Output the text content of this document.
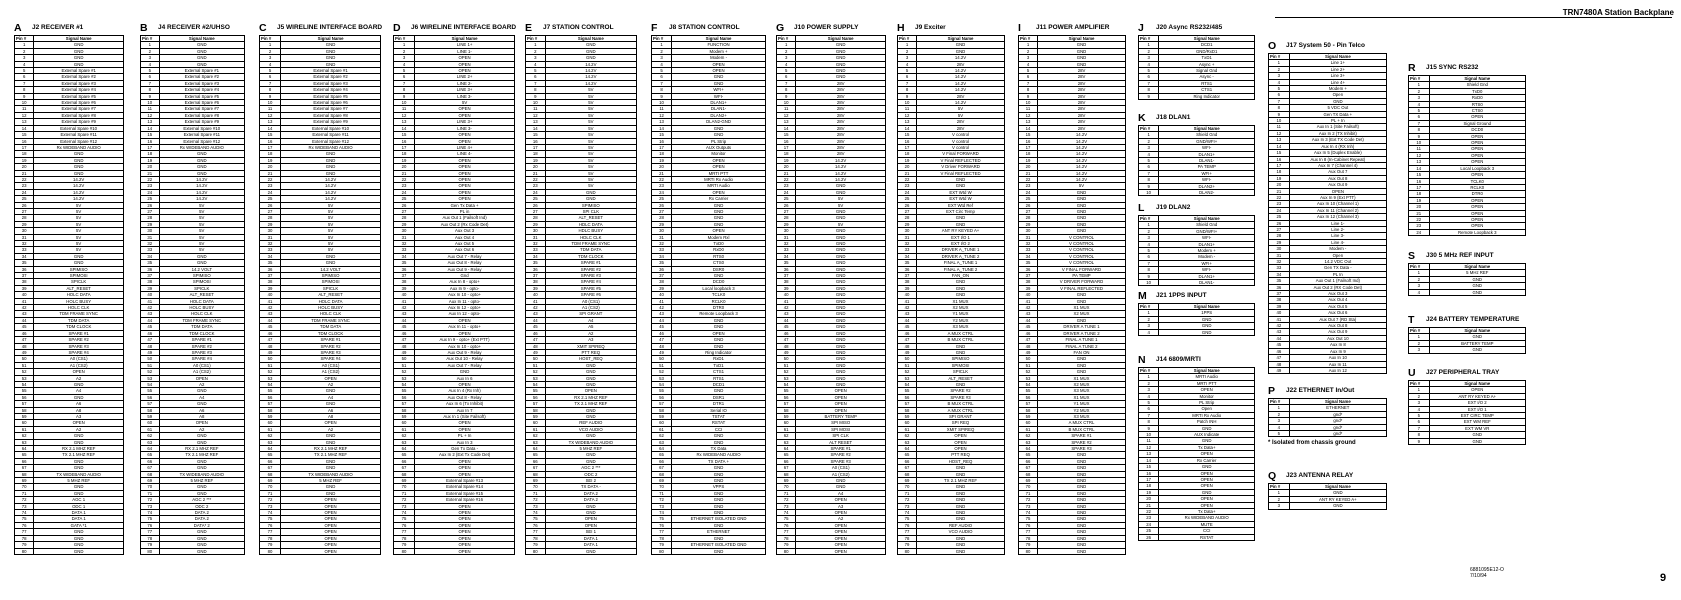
TRN7480A Station Backplane
A J2 RECEIVER #1
Pin #	Signal Name
1	GND
2	GND
3	GND
4	GND
5	External Spare #1
6	External Spare #2
7	External Spare #3
8	External Spare #4
9	External Spare #5
10	External Spare #6
11	External Spare #7
12	External Spare #8
13	External Spare #9
14	External Spare #10
15	External Spare #11
16	External Spare #12
17	Rx WIDEBAND AUDIO
18	GND
19	GND
20	GND
21	GND
22	14.2V
23	14.2V
24	14.2V
25	14.2V
26	5V
27	5V
28	5V
29	5V
30	5V
31	5V
32	5V
33	5V
34	GND
35	GND
36	SPIMISO
37	SPIMOSI
38	SPICLK
39	ALT_RESET
40	HOLC DATA
41	HOLC BUSY
42	HOLC CLK
43	TDM FRAME SYNC
44	TDM DATA
45	TDM CLOCK
46	SPARE #1
47	SPARE #2
48	SPARE #3
49	SPARE #4
50	A0 (CS1)
51	A1 (CS2)
52	OPEN
53	A2
54	GND
55	A4
56	GND
57	A6
58	A8
59	A3
60	OPEN
61	A2
62	GND
63	GND
64	RX 2.1 MHZ REF
65	TX 2.1 MHZ REF
66	GND
67	GND
68	TX WIDEBAND AUDIO
69	5 MHZ REF
70	GND
71	GND
72	AGC 1
73	ODC 1
74	DATA 1
75	DATA 1
76	GATA *1
77	GND
78	GND
79	GND
80	GND
B J4 RECEIVER #2/UHSO
Pin #	Signal Name
1	GND
2	GND
3	GND
4	GND
5	External Spare #1
6	External Spare #2
7	External Spare #3
8	External Spare #4
9	External Spare #5
10	External Spare #6
11	External Spare #7
12	External Spare #8
13	External Spare #9
14	External Spare #10
15	External Spare #11
16	External Spare #12
17	Rx WIDEBAND AUDIO
18	GND
19	GND
20	GND
21	GND
22	14.2V
23	14.2V
24	14.2V
25	14.2V
26	5V
27	5V
28	5V
29	5V
30	5V
31	5V
32	5V
33	5V
34	GND
35	GND
36	14.2 VOLT
37	SPIMISO
38	SPIMOSI
39	SPICLK
40	ALT_RESET
41	HOLC DATA
42	HOLC BUSY
43	HOLC CLK
44	TDM FRAME SYNC
45	TDM DATA
46	TDM CLOCK
47	SPARE #1
48	SPARE #2
49	SPARE #3
50	SPARE #4
51	A0 (CS1)
52	A1 (CS2)
53	OPEN
54	A2
55	GND
56	A4
57	GND
58	A6
59	A8
60	OPEN
61	A2
62	GND
63	GND
64	RX 2.1 MHZ REF
65	TX 2.1 MHZ REF
66	GND
67	GND
68	TX WIDEBAND AUDIO
69	5 MHZ REF
70	GND
71	GND
72	AGC 2 ***
73	ODC 2
74	DATA 2
75	DATA 2
76	DATA* 2
77	GND
78	GND
79	GND
80	GND
C J5 WIRELINE INTERFACE BOARD
Pin #	Signal Name
1	GND
2	GND
3	GND
4	GND
5	External Spare #1
6	External Spare #2
7	External Spare #3
8	External Spare #4
9	External Spare #5
10	External Spare #6
11	External Spare #7
12	External Spare #8
13	External Spare #9
14	External Spare #10
15	External Spare #11
16	External Spare #12
17	Rx WIDEBAND AUDIO
18	GND
19	GND
20	GND
21	GND
22	14.2V
23	14.2V
24	14.2V
25	14.2V
26	5V
27	5V
28	5V
29	5V
30	5V
31	5V
32	5V
33	5V
34	GND
35	GND
36	14.2 VOLT
37	SPIMISO
38	SPIMOSI
39	SPICLK
40	ALT_RESET
41	HOLC DATA
42	HOLC BUSY
43	HOLC CLK
44	TDM FRAME SYNC
45	TDM DATA
46	TDM CLOCK
47	SPARE #1
48	SPARE #2
49	SPARE #3
50	SPARE #4
51	A0 (CS1)
52	A1 (CS2)
53	OPEN
54	A2
55	GND
56	A4
57	GND
58	A6
59	A8
60	OPEN
61	A2
62	GND
63	GND
64	RX 2.1 MHZ REF
65	TX 2.1 MHZ REF
66	GND
67	GND
68	TX WIDEBAND AUDIO
69	5 MHZ REF
70	GND
71	GND
72	OPEN
73	OPEN
74	OPEN
75	OPEN
76	OPEN
77	OPEN
78	OPEN
79	OPEN
80	OPEN
D J6 WIRELINE INTERFACE BOARD
Pin #	Signal Name
1	LINE 1+
2	LINE 1-
3	OPEN
4	OPEN
5	OPEN
6	LINE 2+
7	LINE 2-
8	LINE 3+
9	LINE 3-
10	5V
11	OPEN
12	OPEN
13	LINE 3+
14	LINE 3-
15	OPEN
16	OPEN
17	LINE 4+
18	LINE 4-
19	OPEN
20	OPEN
21	OPEN
22	OPEN
23	OPEN
24	OPEN
25	OPEN
26	Gen Tx Data +
27	PL in
28	Aux Out 1 (Failsoft Ind)
29	Aux Out 2 (Rx Code Det)
30	Aux Out 3
31	Aux Out 4
32	Aux Out 5
33	Aux Out 6
34	Aux Out 7 - Relay
35	Aux Out 8 - Relay
36	Aux Out 9 - Relay
37	Gnd
38	Aux In 8 - opto+
39	Aux In 9 - opto-
40	Aux In 10 - opto+
41	Aux In 11 - opto-
42	Aux In 12 - opto+
43	Aux In 12 - opto-
44	OPEN
45	Aux In 11 - opto+
46	OPEN
47	Aux In 9 - opto+ (Ext PTT)
48	Aux In 10 - opto+
49	Aux Out 9 - Relay
50	Aux Out 10 - Relay
51	Aux Out 7 - Relay
52	GND
53	Aux In 6
54	OPEN
55	Aux In 4 (Rx Inh)
56	Aux Out 8 - Relay
57	Aux In 6 (Tx Inhibit)
58	Aux In 7
59	Aux In 1 (Site Failsoft)
60	OPEN
61	OPEN
62	PL + In
63	Aux In 3
64	Gen Tx Data -
65	Aux In 2 (Ext Tx Code Det)
66	OPEN
67	OPEN
68	OPEN
69	External Spare #13
70	External Spare #14
71	External Spare #15
72	External Spare #16
73	OPEN
74	OPEN
75	OPEN
76	OPEN
77	OPEN
78	OPEN
79	OPEN
80	OPEN
E J7 STATION CONTROL
Pin #	Signal Name
1	GND
2	GND
3	GND
4	14.2V
5	14.2V
6	14.2V
7	14.2V
8	5V
9	5V
10	5V
11	5V
12	5V
13	5V
14	5V
15	5V
16	5V
17	5V
18	5V
19	5V
20	5V
21	5V
22	5V
23	5V
24	GND
25	GND
26	SPIMISO
27	SPI CLK
28	ALT_RESET
29	HDLC DATA
30	HDLC BUSY
31	HDLC CLK
32	TDM FRAME SYNC
33	TDM DATA
34	TDM CLOCK
35	SPARE #1
36	SPARE #2
37	SPARE #3
38	SPARE #4
39	SPARE #5
40	SPARE #6
41	A0 (CS1)
42	A1 (CS2)
43	SPI GRANT
44	A4
45	A5
46	A2
47	A3
48	XMIT SPIREQ
49	PTT REQ
50	HOST_REQ
51	GND
52	GND
53	GND
54	GND
55	OPEN
56	RX 2.1 MHZ REF
57	TX 2.1 MHZ REF
58	GND
59	GND
60	REF AUDIO
61	VCO AUDIO
62	GND
63	TX WIDEBAND AUDIO
64	5 MHZ REF
65	GND
66	GND
67	AGC 2 ***
68	ODC 2
69	SEI 2
70	TX DATA -
71	DATA 2
72	DATA 2
73	GND
74	GND
75	OPEN
76	OPEN
77	SEI 1
78	DATA 1
79	DATA 1
80	GND
F J8 STATION CONTROL
Pin #	Signal Name
1	FUNCTION
2	Modem +
3	Modem -
4	OPEN
5	OPEN
6	GND
7	GND
8	WFI+
9	WFI-
10	DLAN1+
11	DLAN1-
12	DLAN2+
13	DLAN2-GND
14	GND
15	GND
16	PL Strip
17	AUX Outputs
18	Monitor
19	OPEN
20	OPEN
21	MRTI PTT
22	MRTI Rx Audio
23	MRTI Audio
24	OPEN
25	Rx Carrier
26	GND
27	GND
28	GND
29	GND
30	OPEN
31	Modem Rxl
32	TxD0
33	RxD0
34	RTS0
35	CTS0
36	DSR0
37	GND
38	DCD0
39	Local loopback 3
40	TCLK0
41	RCLK0
42	DTR0
43	Remote Loopback 3
44	GND
45	GND
46	OPEN
47	GND
48	GND
49	Ring Indicator
50	RxD1
51	TxD1
52	CTS1
53	RTS1
54	DCD1
55	GND
56	DSR1
57	DTR1
58	Serial IO
59	TSTAT
60	RSTAT
61	CCI
62	GND
63	GND
64	TX Data
65	Rx WIDEBAND AUDIO
66	TX DATA +
67	GND
68	GND
69	GND
70	VPPS
71	GND
72	GND
73	GND
74	GND
75	ETHERNET ISOLATED GND
76	GND
77	ETHERNET
78	GND
79	ETHERNET ISOLATED GND
80	GND
G J10 POWER SUPPLY
Pin #	Signal Name
1	GND
2	GND
3	GND
4	GND
5	GND
6	GND
7	28V
8	28V
9	28V
10	28V
11	28V
12	28V
13	28V
14	28V
15	28V
16	28V
17	28V
18	28V
19	14.2V
20	14.2V
21	14.2V
22	14.2V
23	GND
24	GND
25	5V
26	5V
27	GND
28	GND
29	5V
30	GND
31	GND
32	GND
33	GND
34	GND
35	GND
36	GND
37	GND
38	GND
39	GND
40	GND
41	GND
42	GND
43	GND
44	GND
45	GND
46	GND
47	GND
48	GND
49	GND
50	GND
51	GND
52	GND
53	GND
54	GND
55	OPEN
56	OPEN
57	OPEN
58	OPEN
59	BATTERY TEMP
60	SPI MISO
61	SPI MOSI
62	SPI CLK
63	ALT RESET
64	SPARE #1
65	SPARE #2
66	SPARE #3
67	A0 (CS1)
68	A1 (CS2)
69	GND
70	GND
71	A4
72	OPEN
73	A3
74	OPEN
75	A2
76	OPEN
77	OPEN
78	OPEN
79	OPEN
80	OPEN
H J9 Exciter
Pin #	Signal Name
1	GND
2	GND
3	14.2V
4	28V
5	14.2V
6	14.2V
7	14.2V
8	14.2V
9	28V
10	14.2V
11	5V
12	5V
13	28V
14	28V
15	V control
16	V control
17	V control
18	V Final FORWARD
19	V Final REFLECTED
20	V Driver FORWARD
21	V Final REFLECTED
22	GND
23	GND
24	EXT Wtd W
25	EXT Wtd W
26	EXT Wtd Ref
27	EXT Circ Temp
28	GND
29	GND
30	ANT RY KEYED A+
31	EXT I/O 1
32	EXT I/O 2
33	DRIVER A_TUNE 1
34	DRIVER A_TUNE 2
35	FINAL A_TUNE 1
36	FINAL A_TUNE 2
37	FAN_ON
38	GND
39	GND
40	GND
41	X1 MUX
42	X2 MUX
43	Y1 MUX
44	Y2 MUX
45	X3 MUX
46	A MUX CTRL
47	B MUX CTRL
48	GND
49	GND
50	SPIMISO
51	SPIMOSI
52	SPICLK
53	ALT_RESET
54	GND
55	SPARE #2
56	SPARE #3
57	B MUX CTRL
58	A MUX CTRL
59	SPI GRANT
60	SPI REQ
61	XMIT SPIREQ
62	OPEN
63	OPEN
64	OPEN
65	PTT REQ
66	HOST_REQ
67	GND
68	GND
69	TX 2.1 MHZ REF
70	GND
71	GND
72	GND
73	GND
74	GND
75	GND
76	REF AUDIO
77	VCO AUDIO
78	GND
79	GND
80	GND
I J11 POWER AMPLIFIER
Pin #	Signal Name
1	GND
2	GND
3	GND
4	GND
5	28V
6	28V
7	28V
8	28V
9	28V
10	28V
11	28V
12	28V
13	28V
14	28V
15	14.2V
16	14.2V
17	14.2V
18	14.2V
19	14.2V
20	14.2V
21	14.2V
22	14.2V
23	5V
24	GND
25	GND
26	GND
27	GND
28	GND
29	GND
30	GND
31	V CONTROL
32	V CONTROL
33	V CONTROL
34	V CONTROL
35	V CONTROL
36	V FINAL FORWARD
37	PA TEMP
38	V DRIVER FORWARD
39	V FINAL REFLECTED
40	GND
41	GND
42	X1 MUX
43	X2 MUX
44	GND
45	DRIVER A TUNE 1
46	DRIVER A TUNE 2
47	FINAL A TUNE 1
48	FINAL A TUNE 2
49	FAN ON
50	GND
51	GND
52	GND
53	X1 MUX
54	X2 MUX
55	X3 MUX
56	X1 MUX
57	Y1 MUX
58	Y2 MUX
59	X3 MUX
60	A MUX CTRL
61	B MUX CTRL
62	SPARE #1
63	SPARE #2
64	SPARE #3
65	GND
66	GND
67	GND
68	GND
69	GND
70	GND
71	GND
72	GND
73	GND
74	GND
75	GND
76	GND
77	GND
78	GND
79	GND
80	GND
J J20 Async RS232/485
Pin #	Signal Name
1	DCD1
2	GND/RxD1
3	TxD1
4	Async +
5	Signal Gnd
6	Async -
7	RTS1
8	CTS1
9	Ring Indicator
K J18 DLAN1
Pin #	Signal Name
1	Shield Gnd
2	GND/WFI+
3	WFI-
4	DLAN1+
5	DLAN1-
6	PA TEMP
7	WFI+
8	WFI-
9	DLAN2+
10	DLAN2-
L J19 DLAN2
Pin #	Signal Name
1	Shield Gnd
2	GND/WFI+
3	WFI-
4	DLAN1+
5	Modem +
6	Modem -
7	WFI+
8	WFI-
9	DLAN1+
10	DLAN1-
M J21 1PPS INPUT
Pin #	Signal Name
1	1PPS
2	GND
3	GND
4	GND
N J14 6809/MRTI
Pin #	Signal Name
1	MRTI Audio
2	MRTI PTT
3	OPEN
4	Monitor
5	PL Strip
6	Open
7	MRTI Rx Audio
8	Patch INH
9	GND
10	AUX Indicate
11	GND
12	Tx Data+
13	OPEN
14	Rx Carrier
15	GND
16	OPEN
17	OPEN
18	OPEN
19	GND
20	OPEN
21	OPEN
22	Tx Data+
23	Rx WIDEBAND AUDIO
24	MUTE
25	CCI
26	RSTAT
O J17 System 50 - Pin Telco
Pin #	Signal Name
1	Line 1+
2	Line 2+
3	Line 3+
4	Line 4+
5	Modem +
6	Open
7	GND
8	5 VDC Out
9	Gen TX Data +
10	PL + In
11	Aux In 1 (Site Failsoft)
12	Aux In 2 (TX Inhibit)
13	Aux In 3 (Ext TX Code Det)
14	Aux In 4 (RX Inh)
15	Aux In 5 (Duplex Enable)
16	Aux In 8 (In-Cabinet Repeat)
17	Aux In 7 (Channel 4)
18	Aux Out 7
19	Aux Out 8
20	Aux Out 9
21	OPEN
22	Aux In 9 (Ext PTT)
23	Aux In 10 (Channel 1)
24	Aux In 11 (Channel 2)
25	Aux In 12 (Channel 3)
26	Line 1-
27	Line 2-
28	Line 3-
29	Line 4-
30	Modem -
31	Open
32	14.2 VDC Out
33	Gen TX Data -
34	PL In
35	Aux Out 1 (Failsoft Ind)
36	Aux Out 2 (RX Code Det)
37	Aux Out 3
38	Aux Out 4
39	Aux Out 5
40	Aux Out 6
41	Aux Out 7 (RD Sta)
42	Aux Out 8
43	Aux Out 9
44	Aux Out 10
45	Aux In 8
46	Aux In 9
47	Aux In 10
48	Aux In 11
49	Aux In 12
P J22 ETHERNET In/Out
Pin #	Signal Name
1	ETHERNET
2	gnd*
3	gnd*
4	gnd*
5	gnd*
* Isolated from chassis ground
Q J23 ANTENNA RELAY
Pin #	Signal Name
1	GND
2	ANT RY KEYED A+
3	GND
R J15 SYNC RS232
Pin #	Signal Name
1	Shield Gnd
2	TxD0
3	RxD0
4	RTS0
5	CTS0
6	OPEN
7	Signal Ground
8	DCD0
9	OPEN
10	OPEN
11	OPEN
12	OPEN
13	OPEN
14	Local Loopback 3
15	OPEN
16	TCLK0
17	RCLK0
18	DTR0
19	OPEN
20	OPEN
21	OPEN
22	OPEN
23	OPEN
24	Remote Loopback 3
S J30 5 MHz REF INPUT
Pin #	Signal Name
1	5 MHz REF
2	GND
3	GND
4	GND
T J24 BATTERY TEMPERATURE
Pin #	Signal Name
1	GND
2	BATTERY TEMP
3	GND
U J27 PERIPHERAL TRAY
Pin #	Signal Name
1	OPEN
2	ANT RY KEYED A+
3	EXT I/O 2
4	EXT I/O 1
5	EXT CIRC TEMP
6	EXT WM REF
7	EXT WM VR
8	GND
9	GND
6881095E12-O
7/10/94	9
